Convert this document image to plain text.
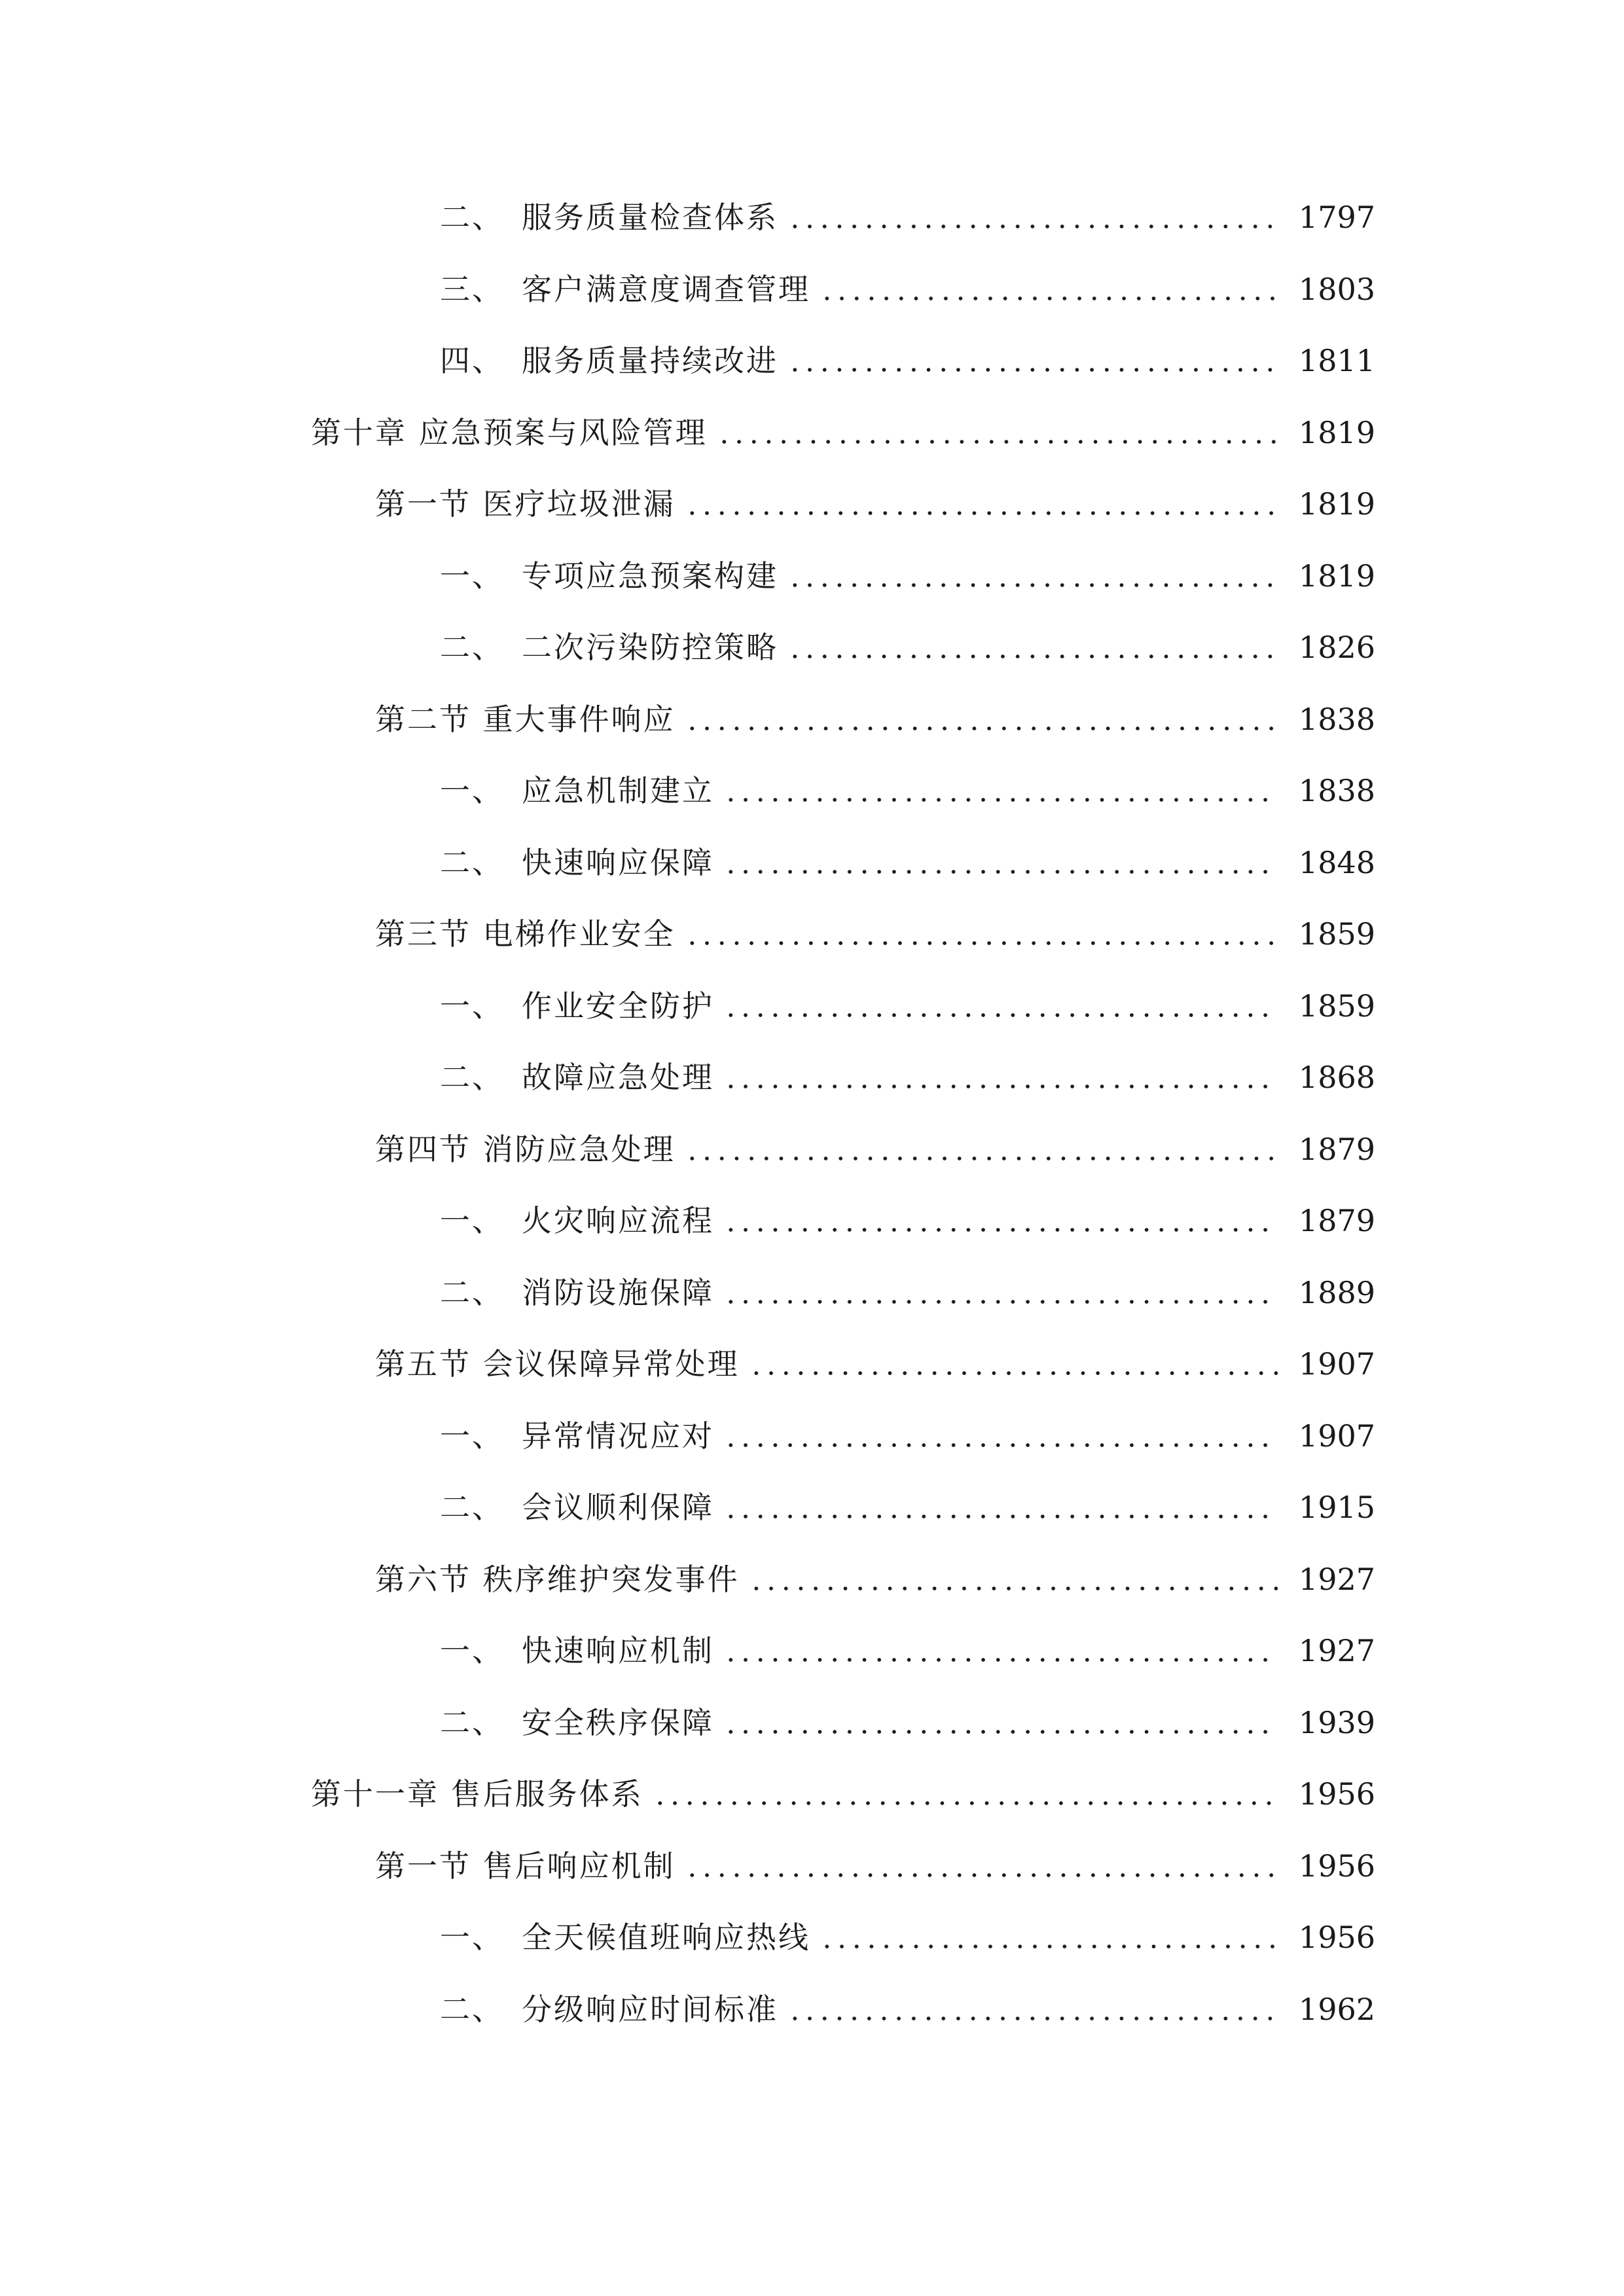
二、 服务质量检查体系	1797
三、 客户满意度调查管理	1803
四、 服务质量持续改进	1811
第十章 应急预案与风险管理	1819
第一节 医疗垃圾泄漏	1819
一、 专项应急预案构建	1819
二、 二次污染防控策略	1826
第二节 重大事件响应	1838
一、 应急机制建立	1838
二、 快速响应保障	1848
第三节 电梯作业安全	1859
一、 作业安全防护	1859
二、 故障应急处理	1868
第四节 消防应急处理	1879
一、 火灾响应流程	1879
二、 消防设施保障	1889
第五节 会议保障异常处理	1907
一、 异常情况应对	1907
二、 会议顺利保障	1915
第六节 秩序维护突发事件	1927
一、 快速响应机制	1927
二、 安全秩序保障	1939
第十一章 售后服务体系	1956
第一节 售后响应机制	1956
一、 全天候值班响应热线	1956
二、 分级响应时间标准	1962
